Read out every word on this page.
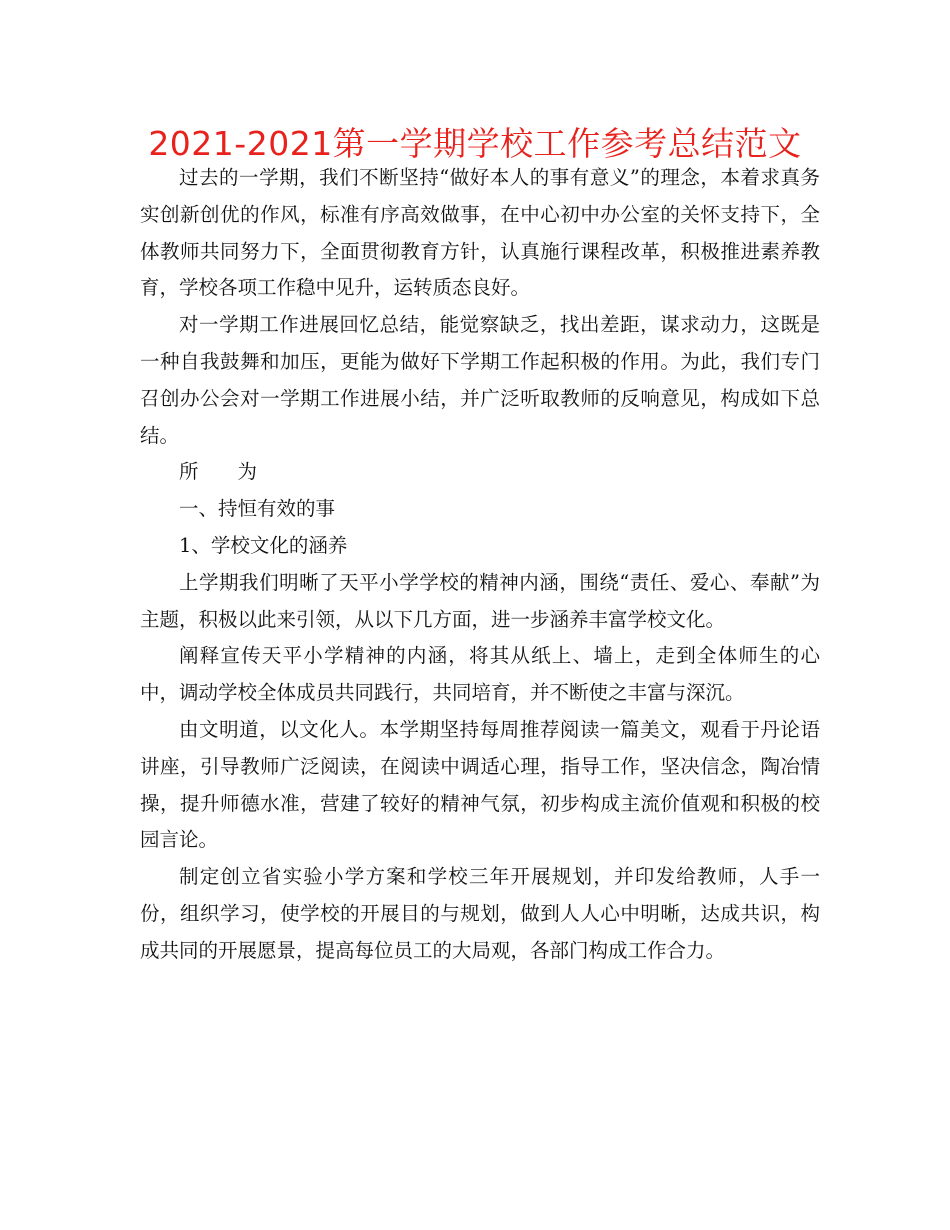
2021-2021第一学期学校工作参考总结范文

过去的一学期，我们不断坚持“做好本人的事有意义”的理念，本着求真务实创新创优的作风，标准有序高效做事，在中心初中办公室的关怀支持下，全体教师共同努力下，全面贯彻教育方针，认真施行课程改革，积极推进素养教育，学校各项工作稳中见升，运转质态良好。

对一学期工作进展回忆总结，能觉察缺乏，找出差距，谋求动力，这既是一种自我鼓舞和加压，更能为做好下学期工作起积极的作用。为此，我们专门召创办公会对一学期工作进展小结，并广泛听取教师的反响意见，构成如下总结。

所　　为

一、持恒有效的事

1、学校文化的涵养

上学期我们明晰了天平小学学校的精神内涵，围绕“责任、爱心、奉献”为主题，积极以此来引领，从以下几方面，进一步涵养丰富学校文化。

阐释宣传天平小学精神的内涵，将其从纸上、墙上，走到全体师生的心中，调动学校全体成员共同践行，共同培育，并不断使之丰富与深沉。

由文明道，以文化人。本学期坚持每周推荐阅读一篇美文，观看于丹论语讲座，引导教师广泛阅读，在阅读中调适心理，指导工作，坚决信念，陶冶情操，提升师德水准，营建了较好的精神气氛，初步构成主流价值观和积极的校园言论。

制定创立省实验小学方案和学校三年开展规划，并印发给教师，人手一份，组织学习，使学校的开展目的与规划，做到人人心中明晰，达成共识，构成共同的开展愿景，提高每位员工的大局观，各部门构成工作合力。
